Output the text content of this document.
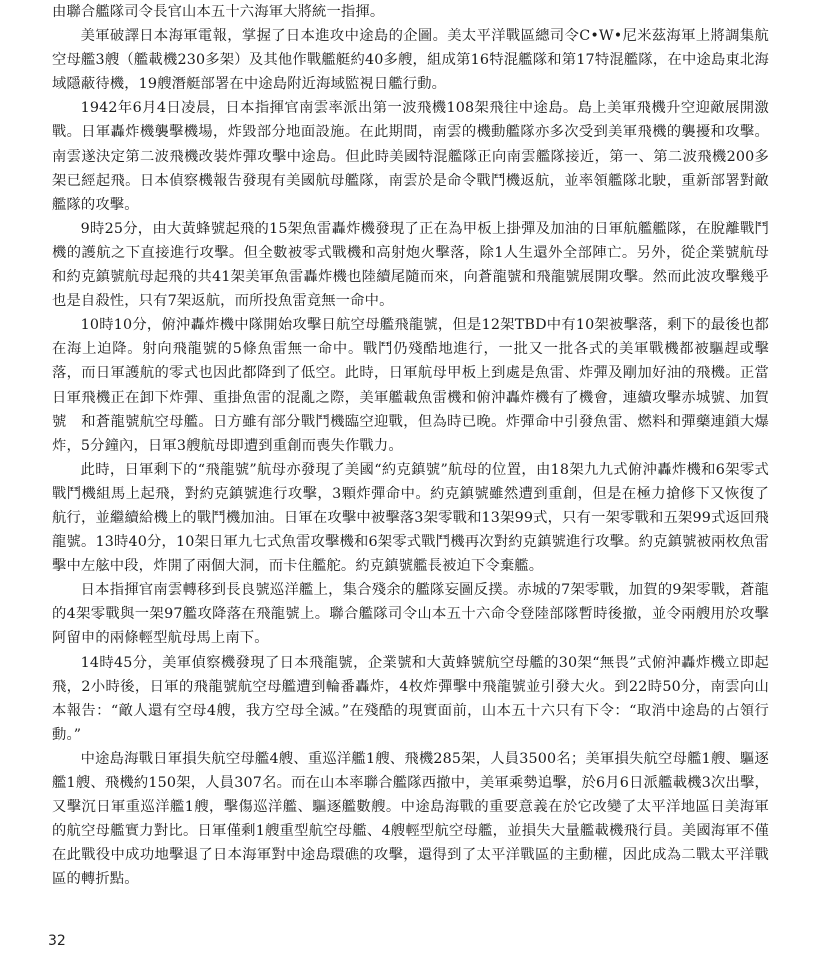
由聯合艦隊司令長官山本五十六海軍大將統一指揮。

美軍破譯日本海軍電報，掌握了日本進攻中途島的企圖。美太平洋戰區總司令C•W•尼米茲海軍上將調集航空母艦3艘（艦載機230多架）及其他作戰艦艇約40多艘，組成第16特混艦隊和第17特混艦隊，在中途島東北海域隱蔽待機，19艘潛艇部署在中途島附近海域監視日艦行動。

1942年6月4日凌晨，日本指揮官南雲率派出第一波飛機108架飛往中途島。島上美軍飛機升空迎敵展開激戰。日軍轟炸機襲擊機場，炸毀部分地面設施。在此期間，南雲的機動艦隊亦多次受到美軍飛機的襲擾和攻擊。南雲遂決定第二波飛機改裝炸彈攻擊中途島。但此時美國特混艦隊正向南雲艦隊接近，第一、第二波飛機200多架已經起飛。日本偵察機報告發現有美國航母艦隊，南雲於是命令戰鬥機返航，並率領艦隊北駛，重新部署對敵艦隊的攻擊。

9時25分，由大黃蜂號起飛的15架魚雷轟炸機發現了正在為甲板上掛彈及加油的日軍航艦艦隊，在脫離戰鬥機的護航之下直接進行攻擊。但全數被零式戰機和高射炮火擊落，除1人生還外全部陣亡。另外，從企業號航母和約克鎮號航母起飛的共41架美軍魚雷轟炸機也陸續尾隨而來，向蒼龍號和飛龍號展開攻擊。然而此波攻擊幾乎也是自殺性，只有7架返航，而所投魚雷竟無一命中。

10時10分，俯沖轟炸機中隊開始攻擊日航空母艦飛龍號，但是12架TBD中有10架被擊落，剩下的最後也都在海上迫降。射向飛龍號的5條魚雷無一命中。戰鬥仍殘酷地進行，一批又一批各式的美軍戰機都被驅趕或擊落，而日軍護航的零式也因此都降到了低空。此時，日軍航母甲板上到處是魚雷、炸彈及剛加好油的飛機。正當日軍飛機正在卸下炸彈、重掛魚雷的混亂之際，美軍艦載魚雷機和俯沖轟炸機有了機會，連續攻擊赤城號、加賀號　和蒼龍號航空母艦。日方雖有部分戰鬥機臨空迎戰，但為時已晚。炸彈命中引發魚雷、燃料和彈藥連鎖大爆炸，5分鐘內，日軍3艘航母即遭到重創而喪失作戰力。

此時，日軍剩下的“飛龍號”航母亦發現了美國“約克鎮號”航母的位置，由18架九九式俯沖轟炸機和6架零式戰鬥機組馬上起飛，對約克鎮號進行攻擊，3顆炸彈命中。約克鎮號雖然遭到重創，但是在極力搶修下又恢復了航行，並繼續給機上的戰鬥機加油。日軍在攻擊中被擊落3架零戰和13架99式，只有一架零戰和五架99式返回飛龍號。13時40分，10架日軍九七式魚雷攻擊機和6架零式戰鬥機再次對約克鎮號進行攻擊。約克鎮號被兩枚魚雷擊中左舷中段，炸開了兩個大洞，而卡住艦舵。約克鎮號艦長被迫下令棄艦。

日本指揮官南雲轉移到長良號巡洋艦上，集合殘余的艦隊妄圖反撲。赤城的7架零戰，加賀的9架零戰，蒼龍的4架零戰與一架97艦攻降落在飛龍號上。聯合艦隊司令山本五十六命令登陸部隊暫時後撤，並令兩艘用於攻擊阿留申的兩條輕型航母馬上南下。

14時45分，美軍偵察機發現了日本飛龍號，企業號和大黃蜂號航空母艦的30架“無畏”式俯沖轟炸機立即起飛，2小時後，日軍的飛龍號航空母艦遭到輪番轟炸，4枚炸彈擊中飛龍號並引發大火。到22時50分，南雲向山本報告：“敵人還有空母4艘，我方空母全滅。”在殘酷的現實面前，山本五十六只有下令：“取消中途島的占領行動。”

中途島海戰日軍損失航空母艦4艘、重巡洋艦1艘、飛機285架，人員3500名；美軍損失航空母艦1艘、驅逐艦1艘、飛機約150架，人員307名。而在山本率聯合艦隊西撤中，美軍乘勢追擊，於6月6日派艦載機3次出擊，又擊沉日軍重巡洋艦1艘，擊傷巡洋艦、驅逐艦數艘。中途島海戰的重要意義在於它改變了太平洋地區日美海軍的航空母艦實力對比。日軍僅剩1艘重型航空母艦、4艘輕型航空母艦，並損失大量艦載機飛行員。美國海軍不僅在此戰役中成功地擊退了日本海軍對中途島環礁的攻擊，還得到了太平洋戰區的主動權，因此成為二戰太平洋戰區的轉折點。

32
